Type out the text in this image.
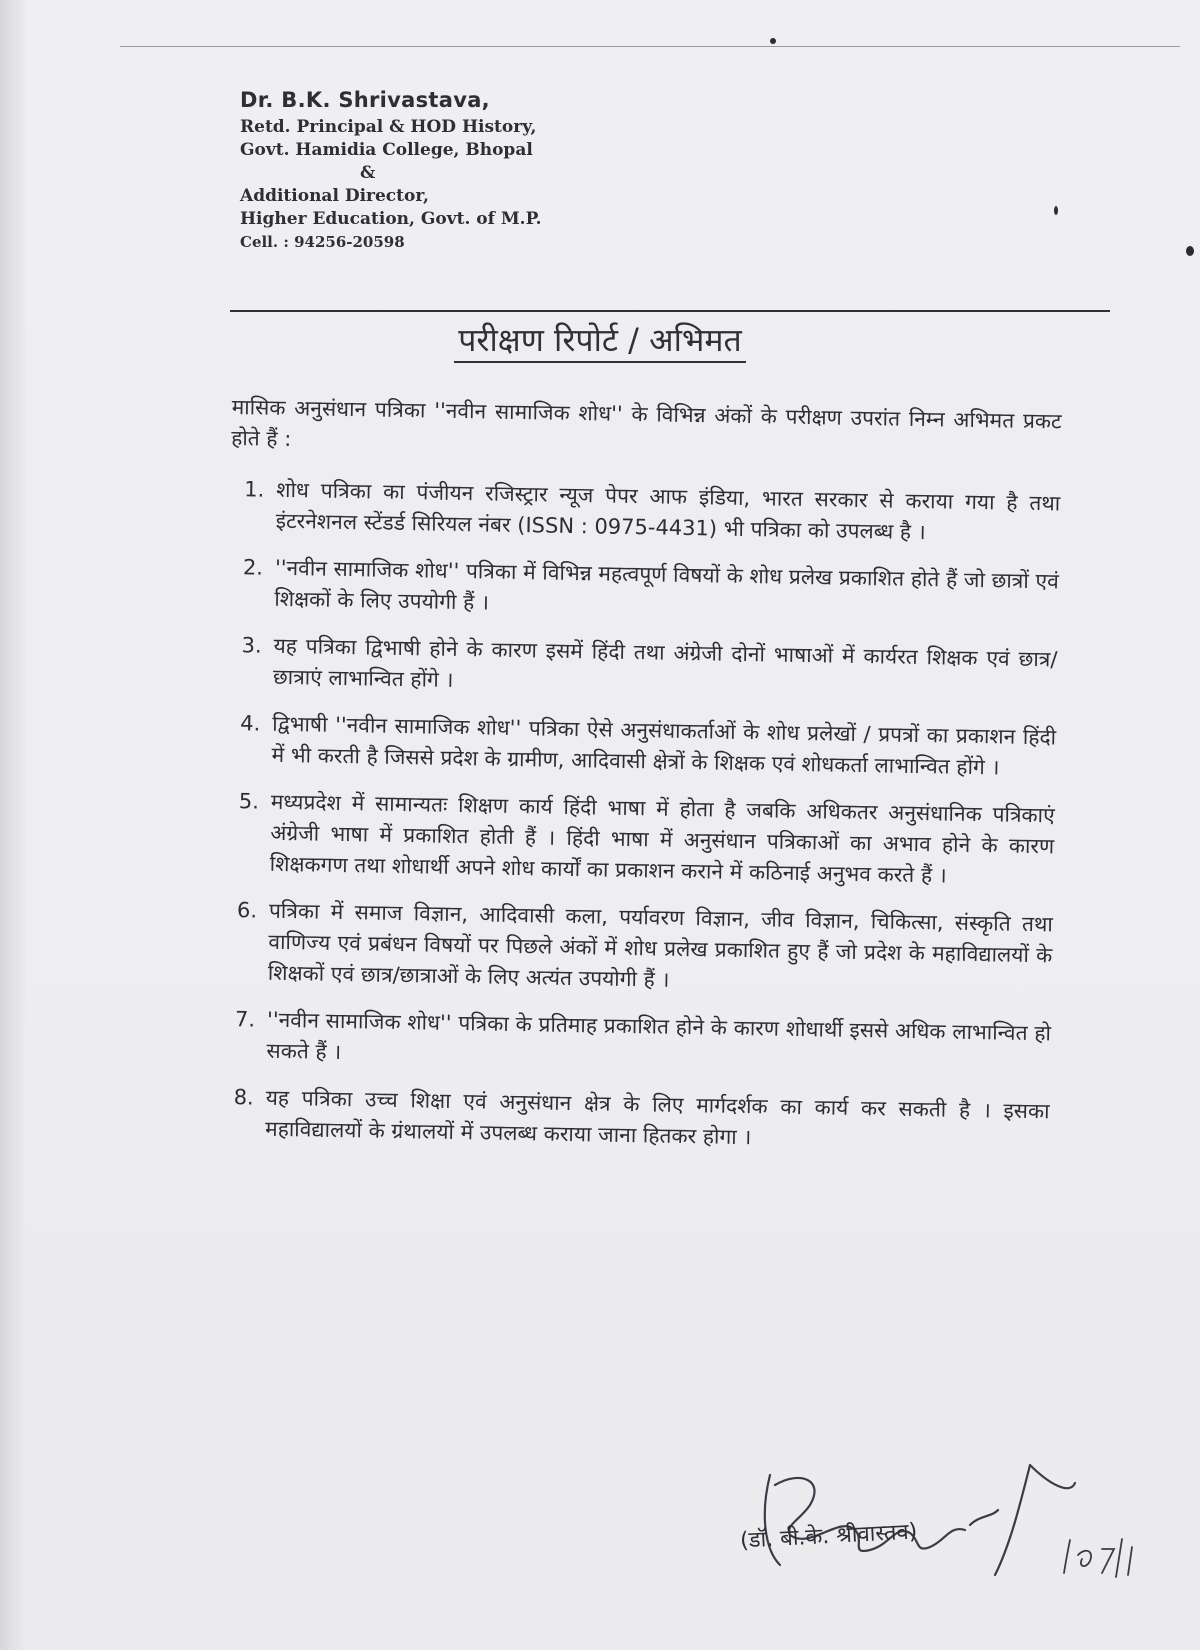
Dr. B.K. Shrivastava,
Retd. Principal & HOD History,
Govt. Hamidia College, Bhopal
&
Additional Director,
Higher Education, Govt. of M.P.
Cell. : 94256-20598
परीक्षण रिपोर्ट / अभिमत

मासिक अनुसंधान पत्रिका ''नवीन सामाजिक शोध'' के विभिन्न अंकों के परीक्षण उपरांत निम्न अभिमत प्रकट होते हैं :

1. शोध पत्रिका का पंजीयन रजिस्ट्रार न्यूज पेपर आफ इंडिया, भारत सरकार से कराया गया है तथा इंटरनेशनल स्टेंडर्ड सिरियल नंबर (ISSN : 0975-4431) भी पत्रिका को उपलब्ध है ।
2. ''नवीन सामाजिक शोध'' पत्रिका में विभिन्न महत्वपूर्ण विषयों के शोध प्रलेख प्रकाशित होते हैं जो छात्रों एवं शिक्षकों के लिए उपयोगी हैं ।
3. यह पत्रिका द्विभाषी होने के कारण इसमें हिंदी तथा अंग्रेजी दोनों भाषाओं में कार्यरत शिक्षक एवं छात्र/छात्राएं लाभान्वित होंगे ।
4. द्विभाषी ''नवीन सामाजिक शोध'' पत्रिका ऐसे अनुसंधाकर्ताओं के शोध प्रलेखों / प्रपत्रों का प्रकाशन हिंदी में भी करती है जिससे प्रदेश के ग्रामीण, आदिवासी क्षेत्रों के शिक्षक एवं शोधकर्ता लाभान्वित होंगे ।
5. मध्यप्रदेश में सामान्यतः शिक्षण कार्य हिंदी भाषा में होता है जबकि अधिकतर अनुसंधानिक पत्रिकाएं अंग्रेजी भाषा में प्रकाशित होती हैं । हिंदी भाषा में अनुसंधान पत्रिकाओं का अभाव होने के कारण शिक्षकगण तथा शोधार्थी अपने शोध कार्यों का प्रकाशन कराने में कठिनाई अनुभव करते हैं ।
6. पत्रिका में समाज विज्ञान, आदिवासी कला, पर्यावरण विज्ञान, जीव विज्ञान, चिकित्सा, संस्कृति तथा वाणिज्य एवं प्रबंधन विषयों पर पिछले अंकों में शोध प्रलेख प्रकाशित हुए हैं जो प्रदेश के महाविद्यालयों के शिक्षकों एवं छात्र/छात्राओं के लिए अत्यंत उपयोगी हैं ।
7. ''नवीन सामाजिक शोध'' पत्रिका के प्रतिमाह प्रकाशित होने के कारण शोधार्थी इससे अधिक लाभान्वित हो सकते हैं ।
8. यह पत्रिका उच्च शिक्षा एवं अनुसंधान क्षेत्र के लिए मार्गदर्शक का कार्य कर सकती है । इसका महाविद्यालयों के ग्रंथालयों में उपलब्ध कराया जाना हितकर होगा ।
(डॉ. बी.के. श्रीवास्तव)
